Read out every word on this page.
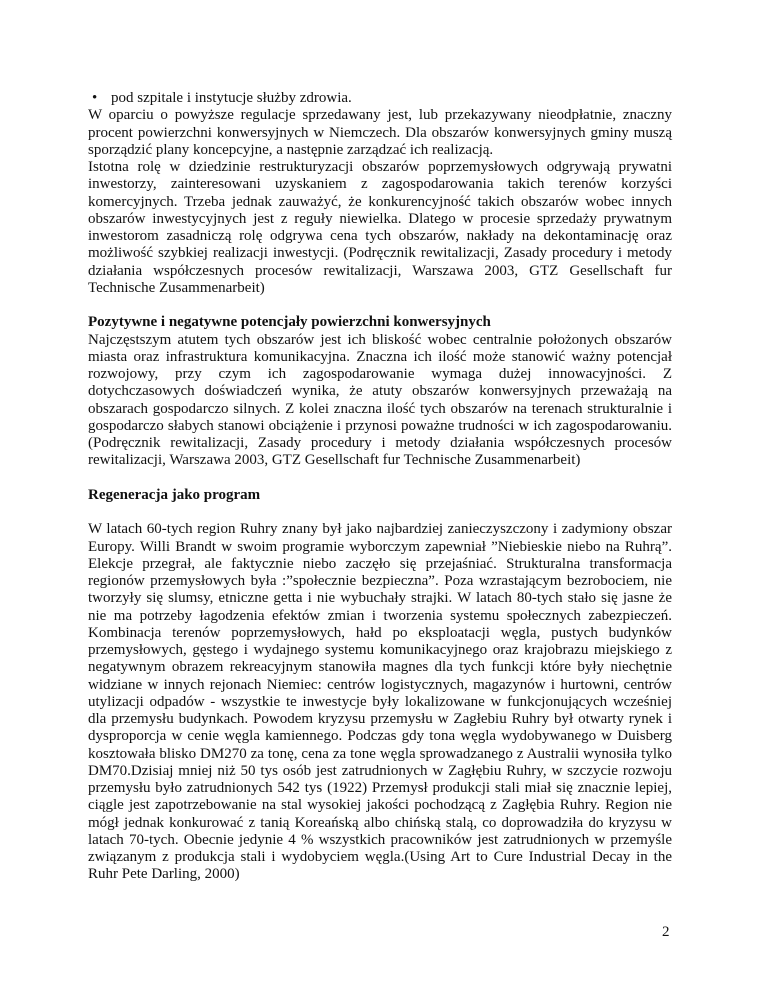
• pod szpitale i instytucje służby zdrowia.
W oparciu o powyższe regulacje sprzedawany jest, lub przekazywany nieodpłatnie, znaczny
procent powierzchni konwersyjnych w Niemczech. Dla obszarów konwersyjnych gminy muszą
sporządzić plany koncepcyjne, a następnie zarządzać ich realizacją.
Istotna rolę w dziedzinie restrukturyzacji obszarów poprzemysłowych odgrywają prywatni
inwestorzy, zainteresowani uzyskaniem z zagospodarowania takich terenów korzyści
komercyjnych. Trzeba jednak zauważyć, że konkurencyjność takich obszarów wobec innych
obszarów inwestycyjnych jest z reguły niewielka. Dlatego w procesie sprzedaży prywatnym
inwestorom zasadniczą rolę odgrywa cena tych obszarów, nakłady na dekontaminację oraz
możliwość szybkiej realizacji inwestycji. (Podręcznik rewitalizacji, Zasady procedury i metody
działania współczesnych procesów rewitalizacji, Warszawa 2003, GTZ Gesellschaft fur
Technische Zusammenarbeit)
Pozytywne i negatywne potencjały powierzchni konwersyjnych
Najczęstszym atutem tych obszarów jest ich bliskość wobec centralnie położonych obszarów
miasta oraz infrastruktura komunikacyjna. Znaczna ich ilość może stanowić ważny potencjał
rozwojowy, przy czym ich zagospodarowanie wymaga dużej innowacyjności. Z
dotychczasowych doświadczeń wynika, że atuty obszarów konwersyjnych przeważają na
obszarach gospodarczo silnych. Z kolei znaczna ilość tych obszarów na terenach strukturalnie i
gospodarczo słabych stanowi obciążenie i przynosi poważne trudności w ich zagospodarowaniu.
(Podręcznik rewitalizacji, Zasady procedury i metody działania współczesnych procesów
rewitalizacji, Warszawa 2003, GTZ Gesellschaft fur Technische Zusammenarbeit)
Regeneracja jako program
W latach 60-tych region Ruhry znany był jako najbardziej zanieczyszczony i zadymiony obszar
Europy. Willi Brandt w swoim programie wyborczym zapewniał ”Niebieskie niebo na Ruhrą”.
Elekcje przegrał, ale faktycznie niebo zaczęło się przejaśniać. Strukturalna transformacja
regionów przemysłowych była :”społecznie bezpieczna”. Poza wzrastającym bezrobociem, nie
tworzyły się slumsy, etniczne getta i nie wybuchały strajki. W latach 80-tych stało się jasne że
nie ma potrzeby łagodzenia efektów zmian i tworzenia systemu społecznych zabezpieczeń.
Kombinacja terenów poprzemysłowych, hałd po eksploatacji węgla, pustych budynków
przemysłowych, gęstego i wydajnego systemu komunikacyjnego oraz krajobrazu miejskiego z
negatywnym obrazem rekreacyjnym stanowiła magnes dla tych funkcji które były niechętnie
widziane w innych rejonach Niemiec: centrów logistycznych, magazynów i hurtowni, centrów
utylizacji odpadów - wszystkie te inwestycje były lokalizowane w funkcjonujących wcześniej
dla przemysłu budynkach. Powodem kryzysu przemysłu w Zagłebiu Ruhry był otwarty rynek i
dysproporcja w cenie węgla kamiennego. Podczas gdy tona węgla wydobywanego w Duisberg
kosztowała blisko DM270 za tonę, cena za tone węgla sprowadzanego z Australii wynosiła tylko
DM70.Dzisiaj mniej niż 50 tys osób jest zatrudnionych w Zagłębiu Ruhry, w szczycie rozwoju
przemysłu było zatrudnionych 542 tys (1922) Przemysł produkcji stali miał się znacznie lepiej,
ciągle jest zapotrzebowanie na stal wysokiej jakości pochodzącą z Zagłębia Ruhry. Region nie
mógł jednak konkurować z tanią Koreańską albo chińską stalą, co doprowadziła do kryzysu w
latach 70-tych. Obecnie jedynie 4 % wszystkich pracowników jest zatrudnionych w przemyśle
związanym z produkcja stali i wydobyciem węgla.(Using Art to Cure Industrial Decay in the
Ruhr Pete Darling, 2000)
2
